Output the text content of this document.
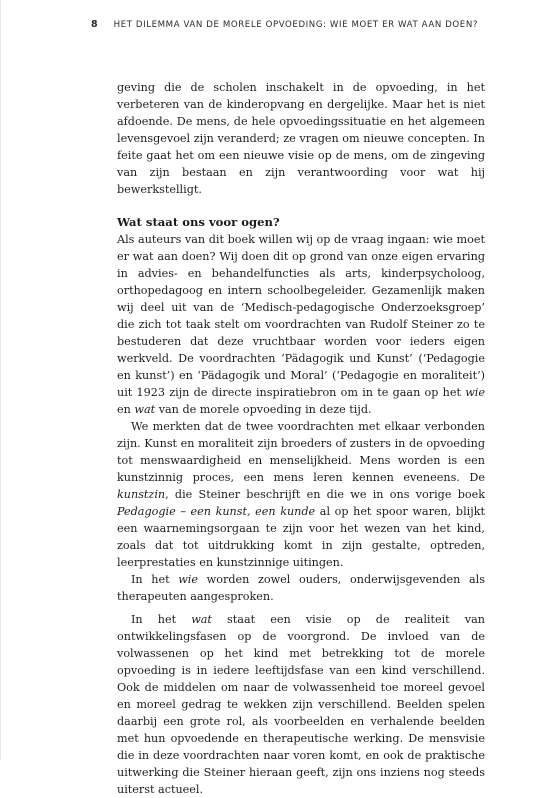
8 HET DILEMMA VAN DE MORELE OPVOEDING: WIE MOET ER WAT AAN DOEN?

geving die de scholen inschakelt in de opvoeding, in het verbeteren van de kinderopvang en dergelijke. Maar het is niet afdoende. De mens, de hele opvoedingssituatie en het algemeen levensgevoel zijn veranderd; ze vragen om nieuwe concepten. In feite gaat het om een nieuwe visie op de mens, om de zingeving van zijn bestaan en zijn verantwoording voor wat hij bewerkstelligt.

Wat staat ons voor ogen?

Als auteurs van dit boek willen wij op de vraag ingaan: wie moet er wat aan doen? Wij doen dit op grond van onze eigen ervaring in advies- en behandelfuncties als arts, kinderpsycholoog, orthopedagoog en intern schoolbegeleider. Gezamenlijk maken wij deel uit van de ‘Medisch-pedagogische Onderzoeksgroep’ die zich tot taak stelt om voordrachten van Rudolf Steiner zo te bestuderen dat deze vruchtbaar worden voor ieders eigen werkveld. De voordrachten ‘Pädagogik und Kunst’ (‘Pedagogie en kunst’) en ‘Pädagogik und Moral’ (‘Pedagogie en moraliteit’) uit 1923 zijn de directe inspiratiebron om in te gaan op het wie en wat van de morele opvoeding in deze tijd.

We merkten dat de twee voordrachten met elkaar verbonden zijn. Kunst en moraliteit zijn broeders of zusters in de opvoeding tot menswaardigheid en menselijkheid. Mens worden is een kunstzinnig proces, een mens leren kennen eveneens. De kunstzin, die Steiner beschrijft en die we in ons vorige boek Pedagogie – een kunst, een kunde al op het spoor waren, blijkt een waarnemingsorgaan te zijn voor het wezen van het kind, zoals dat tot uitdrukking komt in zijn gestalte, optreden, leerprestaties en kunstzinnige uitingen.

In het wie worden zowel ouders, onderwijsgevenden als therapeuten aangesproken.

In het wat staat een visie op de realiteit van ontwikkelingsfasen op de voorgrond. De invloed van de volwassenen op het kind met betrekking tot de morele opvoeding is in iedere leeftijdsfase van een kind verschillend. Ook de middelen om naar de volwassenheid toe moreel gevoel en moreel gedrag te wekken zijn verschillend. Beelden spelen daarbij een grote rol, als voorbeelden en verhalende beelden met hun opvoedende en therapeutische werking. De mensvisie die in deze voordrachten naar voren komt, en ook de praktische uitwerking die Steiner hieraan geeft, zijn ons inziens nog steeds uiterst actueel.
